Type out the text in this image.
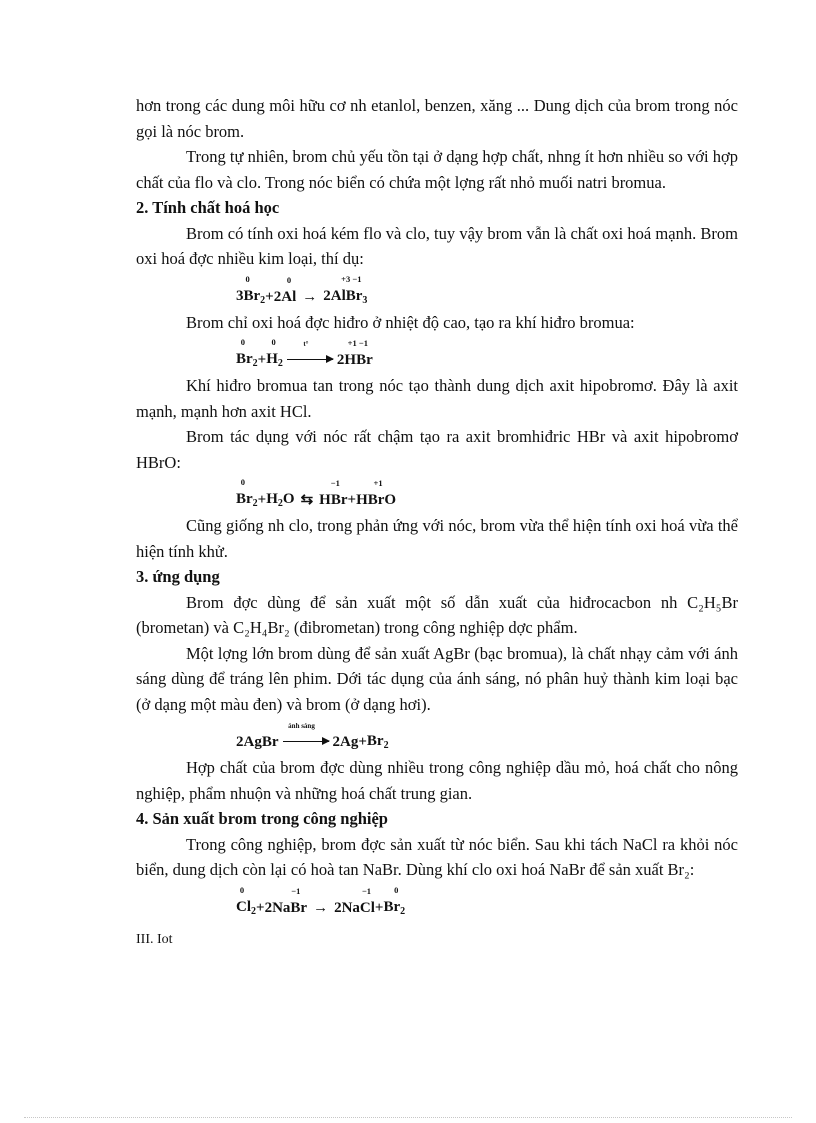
hơn trong các dung môi hữu cơ nh etanlol, benzen, xăng ... Dung dịch của brom trong nóc gọi là nóc brom.

Trong tự nhiên, brom chủ yếu tồn tại ở dạng hợp chất, nhng ít hơn nhiều so với hợp chất của flo và clo. Trong nóc biển có chứa một lợng rất nhỏ muối natri bromua.

2. Tính chất hoá học

Brom có tính oxi hoá kém flo và clo, tuy vậy brom vẫn là chất oxi hoá mạnh. Brom oxi hoá đợc nhiều kim loại, thí dụ:

0
$3Br_2$ +
0
2Al →
+3 −1
2AlBr$_3$

Brom chỉ oxi hoá đợc hiđro ở nhiệt độ cao, tạo ra khí hiđro bromua:

0
$Br_2$ +
0
$H_2$
t°	+1 −1
2HBr

Khí hiđro bromua tan trong nóc tạo thành dung dịch axit hipobromơ. Đây là axit mạnh, mạnh hơn axit HCl.

Brom tác dụng với nóc rất chậm tạo ra axit bromhiđric HBr và axit hipobromơ HBrO:

0
$Br_2 + H_2O$ ⇆
−1
HBr +
+1
HBrO

Cũng giống nh clo, trong phản ứng với nóc, brom vừa thể hiện tính oxi hoá vừa thể hiện tính khử.

3. ứng dụng

Brom đợc dùng để sản xuất một số dẫn xuất của hiđrocacbon nh C₂H₅Br (brometan) và C₂H₄Br₂ (đibrometan) trong công nghiệp dợc phẩm.

Một lợng lớn brom dùng để sản xuất AgBr (bạc bromua), là chất nhạy cảm với ánh sáng dùng để tráng lên phim. Dới tác dụng của ánh sáng, nó phân huỷ thành kim loại bạc (ở dạng một màu đen) và brom (ở dạng hơi).

2AgBr
ánh sáng
$2Ag + Br_2$

Hợp chất của brom đợc dùng nhiều trong công nghiệp dầu mỏ, hoá chất cho nông nghiệp, phẩm nhuộn và những hoá chất trung gian.

4. Sản xuất brom trong công nghiệp

Trong công nghiệp, brom đợc sản xuất từ nóc biển. Sau khi tách NaCl ra khỏi nóc biển, dung dịch còn lại có hoà tan NaBr. Dùng khí clo oxi hoá NaBr để sản xuất Br₂:

0
$Cl_2$ +
−1
2NaBr →
−1
2NaCl +
0
$Br_2$

III. Iot
